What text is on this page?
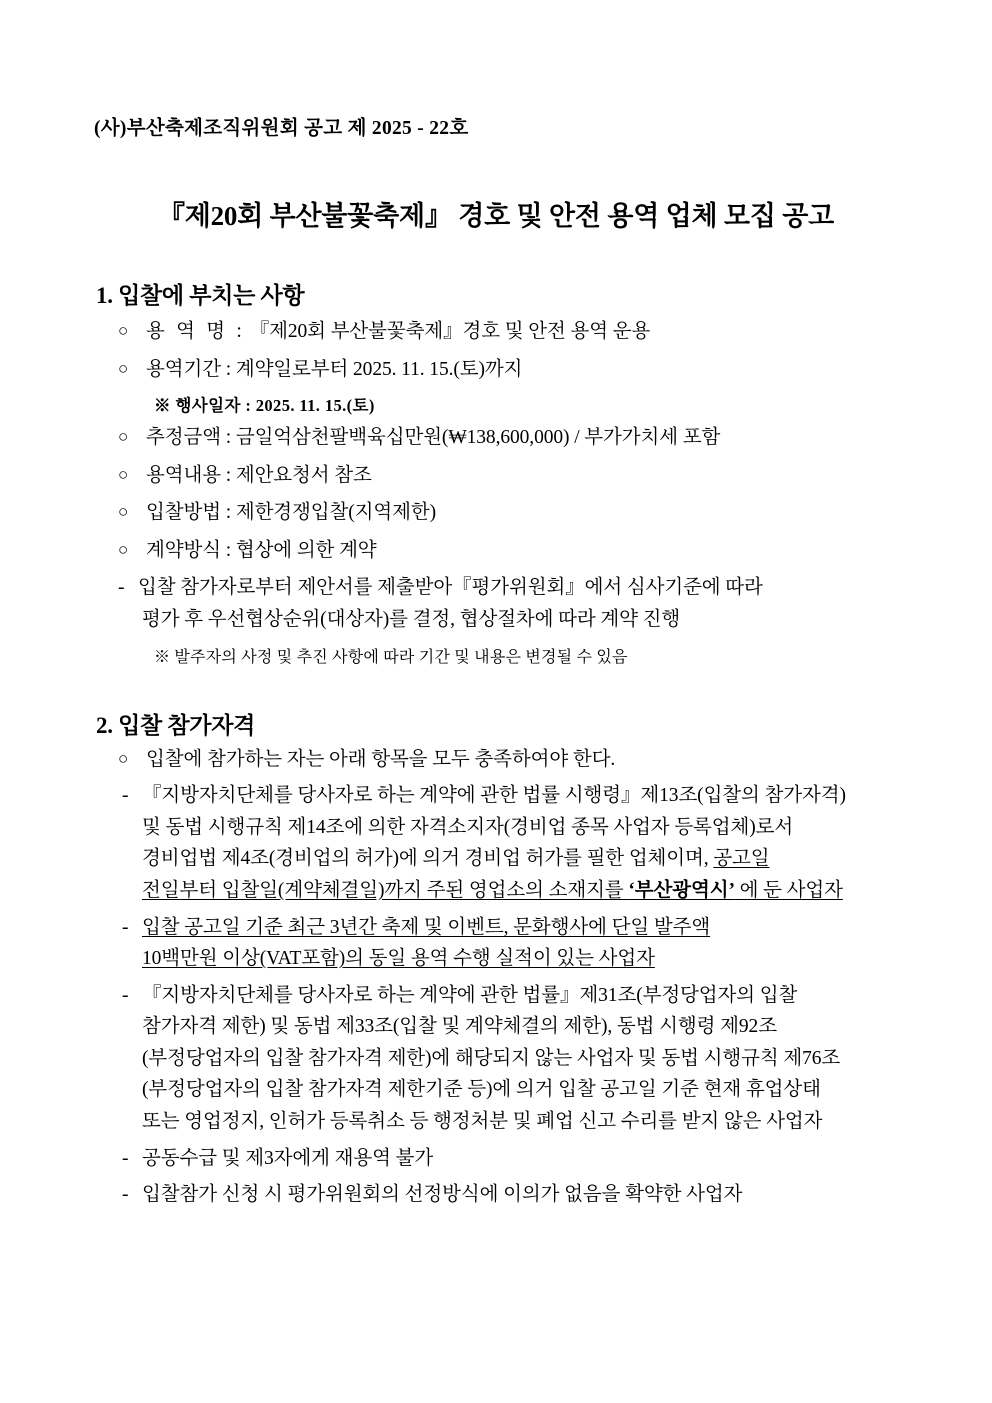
(사)부산축제조직위원회 공고 제 2025 - 22호
『제20회 부산불꽃축제』 경호 및 안전 용역 업체 모집 공고
1. 입찰에 부치는 사항
○ 용 역 명 : 『제20회 부산불꽃축제』경호 및 안전 용역 운용
○ 용역기간 : 계약일로부터 2025. 11. 15.(토)까지
※ 행사일자 : 2025. 11. 15.(토)
○ 추정금액 : 금일억삼천팔백육십만원(₩138,600,000) / 부가가치세 포함
○ 용역내용 : 제안요청서 참조
○ 입찰방법 : 제한경쟁입찰(지역제한)
○ 계약방식 : 협상에 의한 계약
- 입찰 참가자로부터 제안서를 제출받아『평가위원회』에서 심사기준에 따라
평가 후 우선협상순위(대상자)를 결정, 협상절차에 따라 계약 진행
※ 발주자의 사정 및 추진 사항에 따라 기간 및 내용은 변경될 수 있음
2. 입찰 참가자격
○ 입찰에 참가하는 자는 아래 항목을 모두 충족하여야 한다.
- 『지방자치단체를 당사자로 하는 계약에 관한 법률 시행령』제13조(입찰의 참가자격)
및 동법 시행규칙 제14조에 의한 자격소지자(경비업 종목 사업자 등록업체)로서
경비업법 제4조(경비업의 허가)에 의거 경비업 허가를 필한 업체이며, 공고일
전일부터 입찰일(계약체결일)까지 주된 영업소의 소재지를 ‘부산광역시’ 에 둔 사업자
- 입찰 공고일 기준 최근 3년간 축제 및 이벤트, 문화행사에 단일 발주액
10백만원 이상(VAT포함)의 동일 용역 수행 실적이 있는 사업자
- 『지방자치단체를 당사자로 하는 계약에 관한 법률』제31조(부정당업자의 입찰
참가자격 제한) 및 동법 제33조(입찰 및 계약체결의 제한), 동법 시행령 제92조
(부정당업자의 입찰 참가자격 제한)에 해당되지 않는 사업자 및 동법 시행규칙 제76조
(부정당업자의 입찰 참가자격 제한기준 등)에 의거 입찰 공고일 기준 현재 휴업상태
또는 영업정지, 인허가 등록취소 등 행정처분 및 폐업 신고 수리를 받지 않은 사업자
- 공동수급 및 제3자에게 재용역 불가
- 입찰참가 신청 시 평가위원회의 선정방식에 이의가 없음을 확약한 사업자
